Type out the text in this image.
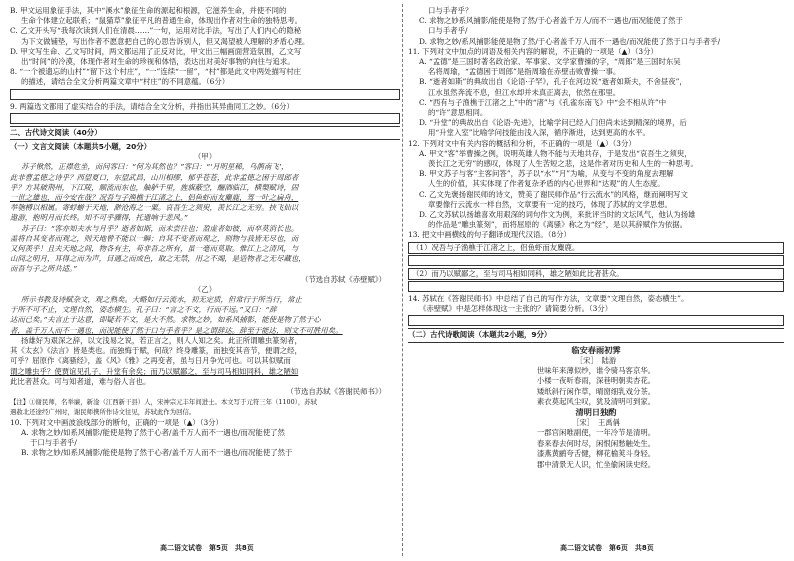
B. 甲文运用象征手法，其中“溪水”象征生命的源起和根源，它滋养生命，并使不同的
生命个体建立起联系；“鼠猫草”象征平凡的普通生命，体现出作者对生命的独特思考。
C. 乙文开头写“我每次读到人们在清晨……”一句，运用对比手法，写出了人们内心的隐秘
为下文做铺垫，写出作者不愿意把自己的心思告诉别人，但又渴望被人理解的矛盾心理。
D. 甲文写生命、乙文写时间，两文都运用了正反对比，甲文出三幅画面营造氛围，乙文写
出“时间”的冷漠，体现作者对生命的珍视和体悟，表达出对美好事物的向往与追求。
8. “一个被遗忘的山村”“留下这个村庄”，“一”连续“一留”，“村”都是此文中两处描写村庄
的描述，请结合全文分析两篇文章中“村庄”的不同意蕴。（6分）
9. 两篇选文都用了虚实结合的手法，请结合全文分析，并指出其异曲同工之妙。（6分）
二、古代诗文阅读（40分）
（一）文言文阅读（本题共5小题，20分）
（甲）
苏子愀然，正襟危坐，而问客曰：“何为其然也？”客曰：“‘月明星稀，乌鹊南飞’，
此非曹孟德之诗乎？西望夏口，东望武昌，山川相缪，郁乎苍苍，此非孟德之困于周郎者
乎？方其破荆州，下江陵，顺流而东也，舳舻千里，旌旗蔽空，酾酒临江，横槊赋诗，固
一世之雄也，而今安在哉？况吾与子渔樵于江渚之上，侣鱼虾而友麋鹿，驾一叶之扁舟，
举匏樽以相属。寄蜉蝣于天地，渺沧海之一粟。哀吾生之须臾，羡长江之无穷。挟飞仙以
遨游，抱明月而长终。知不可乎骤得，托遗响于悲风。”
苏子曰：“客亦知夫水与月乎？逝者如斯，而未尝往也；盈虚者如彼，而卒莫消长也。
盖将自其变者而观之，则天地曾不能以一瞬；自其不变者而观之，则物与我皆无尽也，而
又何羡乎！且夫天地之间，物各有主，苟非吾之所有，虽一毫而莫取。惟江上之清风，与
山间之明月，耳得之而为声，目遇之而成色，取之无禁，用之不竭，是造物者之无尽藏也，
而吾与子之所共适。”
（节选自苏轼《赤壁赋》）
（乙）
所示书教及诗赋杂文，观之熟矣。大略如行云流水，初无定质，但常行于所当行，常止
于所不可不止，文理自然，姿态横生。孔子曰：“言之不文，行而不远。”又曰：“辞
达而已矣。”夫言止于达意，即疑若不文，是大不然。求物之妙，如系风捕影，能使是物了然于心
者，盖千万人而不一遇也，而况能使了然于口与手者乎？是之谓辞达。辞至于能达，则文不可胜用矣。
扬雄好为艰深之辞，以文浅易之说，若正言之，则人人知之矣。此正所谓雕虫篆刻者，
其《太玄》《法言》皆是类也。而独悔于赋，何哉？终身雕篆，而独变其音节，便谓之经，
可乎？屈原作《离骚经》，盖《风》《雅》之再变者，虽与日月争光可也。可以其似赋而
谓之雕虫乎？使贾谊见孔子，升堂有余矣；而乃以赋鄙之，至与司马相如同科，雄之陋如
此比者甚众。可与知者道，难与俗人言也。
（节选自苏轼《答谢民师书》）
【注】①谢民师，名举廉，新淦（江西新干县）人，宋神宗元丰年间进士。本文写于元符三年（1100），苏轼
遇赦北还途经广州时，谢民师携所作诗文往见，苏轼此作为回信。
10. 下列对文中画波浪线部分的断句，正确的一项是（▲）（3分）
A. 求物之妙/如系风捕影/能使是物了然于心者/盖千万人而不一遇也/而况能使了然
于口与手者乎/
B. 求物之妙/如系风捕影/能使是物了然于心者/盖千万人而不一遇也/而况能使了然于
口与手者乎？
C. 求物之妙系风捕影/能使是物了然/于心者盖千万人/而不一遇也/而况能使了然于
口与手者乎/
D. 求物之妙/系风捕影能使是物了然/于心者盖千万人而不一遇也/而况能使了然于口与手者乎/
11. 下列对文中加点的词语及相关内容的解说，不正确的一项是（▲）（3分）
A. “孟德”是三国时著名政治家、军事家、文学家曹操的字，“周郎”是三国时东吴
名将周瑜，“孟德困于周郎”是指周瑜在赤壁击败曹操一事。
B. “逝者如斯”的典故出自《论语·子罕》，孔子在河边说“逝者如斯夫，不舍昼夜”，
江水虽然奔流不息，但江水却并未真正离去，依然在那里。
C. “西有与子渔樵于江渚之上”中的“渚”与《孔雀东南飞》中“会不相从许”中
的“许”意思相同。
D. “升堂”的典故出自《论语·先进》，比喻学问已经入门但尚未达到精深的境界，后
用“升堂入室”比喻学问技能由浅入深，循序渐进，达到更高的水平。
12. 下列对文中有关内容的概括和分析，不正确的一项是（▲）（3分）
A. 甲文“客”举曹操之例，说明英雄人物不能与天地共存，于是发出“哀吾生之须臾，
羡长江之无穷”的感叹，体现了人生苦短之悲，这是作者对历史和人生的一种思考。
B. 甲文苏子与客“主客问答”，苏子以“水”“月”为喻，从变与不变的角度去理解
人生的价值，其实体现了作者复杂矛盾的内心世界和“达观”的人生态度。
C. 乙文先褒扬谢民师的诗文，赞美了谢民师作品“行云流水”的风格，继而阐明写文
章要像行云流水一样自然，文章要有一定的技巧，体现了苏轼的文学思想。
D. 乙文苏轼以扬雄喜欢用艰深的词句作文为例，来批评当时的文坛风气，他认为扬雄
的作品是“雕虫篆刻”，而将屈原的《离骚》称之为“经”，是以其辞赋作为依据。
13. 把文中画横线的句子翻译成现代汉语。（8分）
（1）况吾与子渔樵于江渚之上，侣鱼虾而友麋鹿。
（2）而乃以赋鄙之，至与司马相如同科，雄之陋如此比者甚众。
14. 苏轼在《答谢民师书》中总结了自己的写作方法，文章要“文理自然，姿态横生”。
《赤壁赋》中是怎样体现这一主张的？请简要分析。（3分）
（二）古代诗歌阅读（本题共2小题，9分）
临安春雨初霁
［宋］　陆游
世味年来薄似纱，谁令骑马客京华。
小楼一夜听春雨，深巷明朝卖杏花。
矮纸斜行闲作草，晴窗细乳戏分茶。
素衣莫起风尘叹，犹及清明可到家。
清明日独酌
［宋］　王禹偁
一郡官闲唯副使，一年冷节是清明。
春来春去何时尽，闲恨闲愁触处生。
漆燕黄鹂夸舌健，柳花榆荚斗身轻。
郡中清景无人识，忙坐偷闲读史经。
高二语文试卷　第5页　共8页	高二语文试卷　第6页　共8页
